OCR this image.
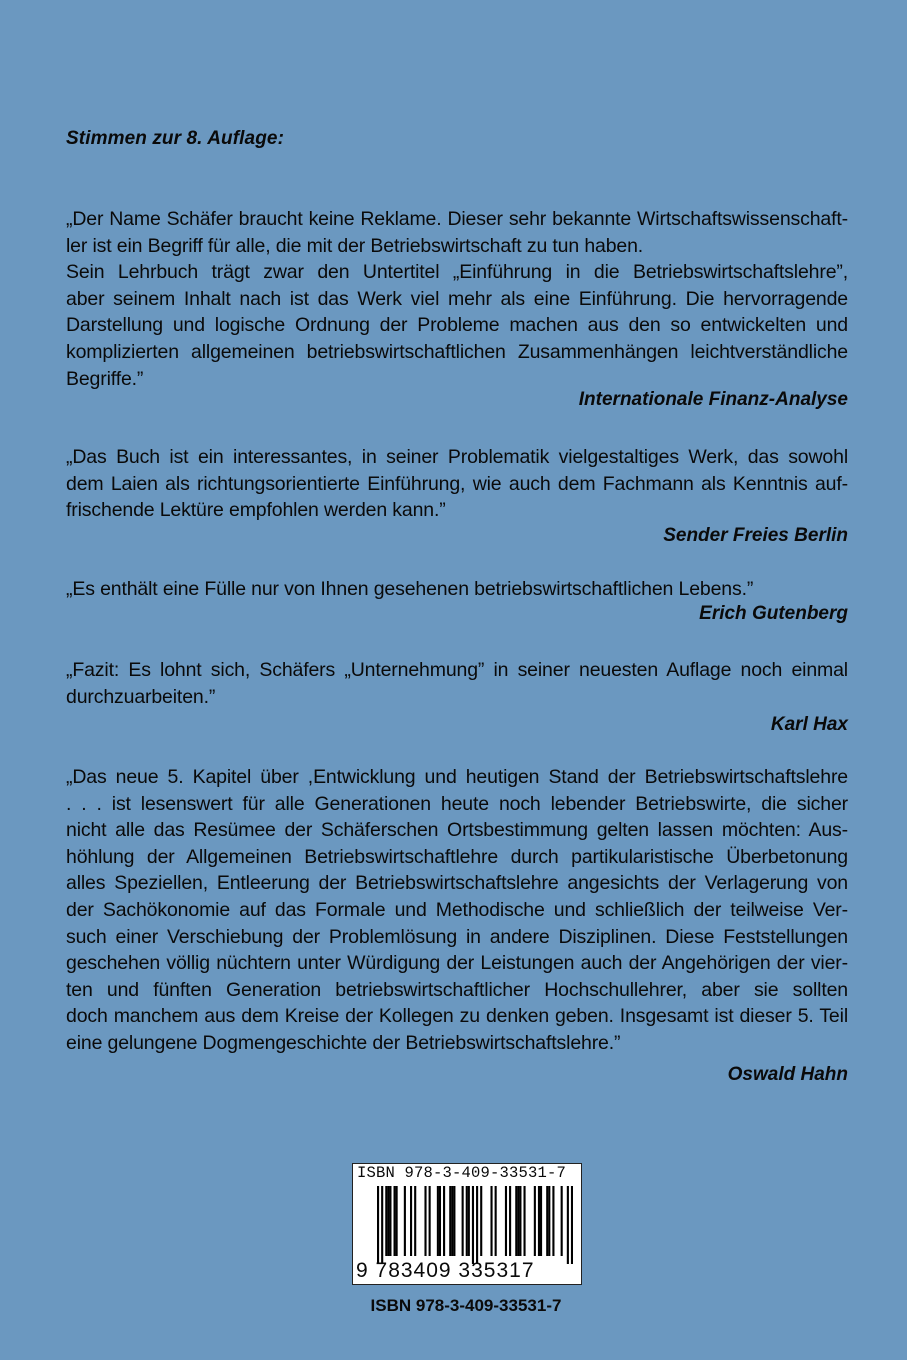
Stimmen zur 8. Auflage:
„Der Name Schäfer braucht keine Reklame. Dieser sehr bekannte Wirtschaftswissenschaft-
ler ist ein Begriff für alle, die mit der Betriebswirtschaft zu tun haben.
Sein Lehrbuch trägt zwar den Untertitel „Einführung in die Betriebswirtschaftslehre”,
aber seinem Inhalt nach ist das Werk viel mehr als eine Einführung. Die hervorragende
Darstellung und logische Ordnung der Probleme machen aus den so entwickelten und
komplizierten allgemeinen betriebswirtschaftlichen Zusammenhängen leichtverständliche
Begriffe.”
Internationale Finanz-Analyse
„Das Buch ist ein interessantes, in seiner Problematik vielgestaltiges Werk, das sowohl
dem Laien als richtungsorientierte Einführung, wie auch dem Fachmann als Kenntnis auf-
frischende Lektüre empfohlen werden kann.”
Sender Freies Berlin
„Es enthält eine Fülle nur von Ihnen gesehenen betriebswirtschaftlichen Lebens.”
Erich Gutenberg
„Fazit: Es lohnt sich, Schäfers „Unternehmung” in seiner neuesten Auflage noch einmal
durchzuarbeiten.”
Karl Hax
„Das neue 5. Kapitel über ,Entwicklung und heutigen Stand der Betriebswirtschaftslehre
. . . ist lesenswert für alle Generationen heute noch lebender Betriebswirte, die sicher
nicht alle das Resümee der Schäferschen Ortsbestimmung gelten lassen möchten: Aus-
höhlung der Allgemeinen Betriebswirtschaftlehre durch partikularistische Überbetonung
alles Speziellen, Entleerung der Betriebswirtschaftslehre angesichts der Verlagerung von
der Sachökonomie auf das Formale und Methodische und schließlich der teilweise Ver-
such einer Verschiebung der Problemlösung in andere Disziplinen. Diese Feststellungen
geschehen völlig nüchtern unter Würdigung der Leistungen auch der Angehörigen der vier-
ten und fünften Generation betriebswirtschaftlicher Hochschullehrer, aber sie sollten
doch manchem aus dem Kreise der Kollegen zu denken geben. Insgesamt ist dieser 5. Teil
eine gelungene Dogmengeschichte der Betriebswirtschaftslehre.”
Oswald Hahn
ISBN 978-3-409-33531-7
9 783409 335317
ISBN 978-3-409-33531-7
